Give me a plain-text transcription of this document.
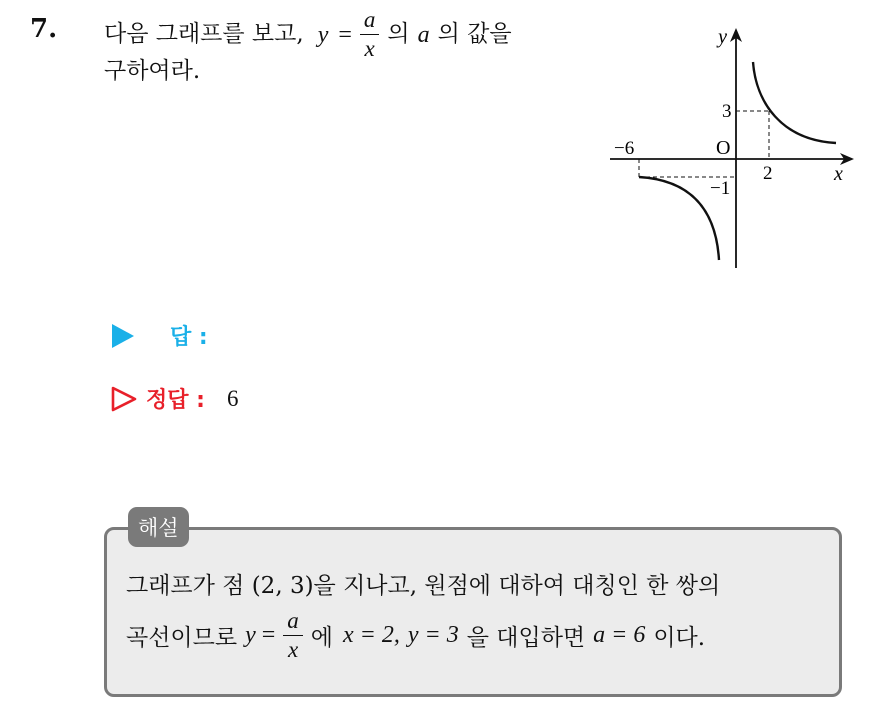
7. 다음 그래프를 보고, $y = \frac{a}{x}$ 의 a 의 값을
구하여라.
y
x
O
−6
3
2
−1
답 :
정답 : 6
해설
그래프가 점 (2, 3)을 지나고, 원점에 대하여 대칭인 한 쌍의
곡선이므로 $y = \frac{a}{x}$ 에 x = 2, y = 3 을 대입하면 a = 6 이다.
